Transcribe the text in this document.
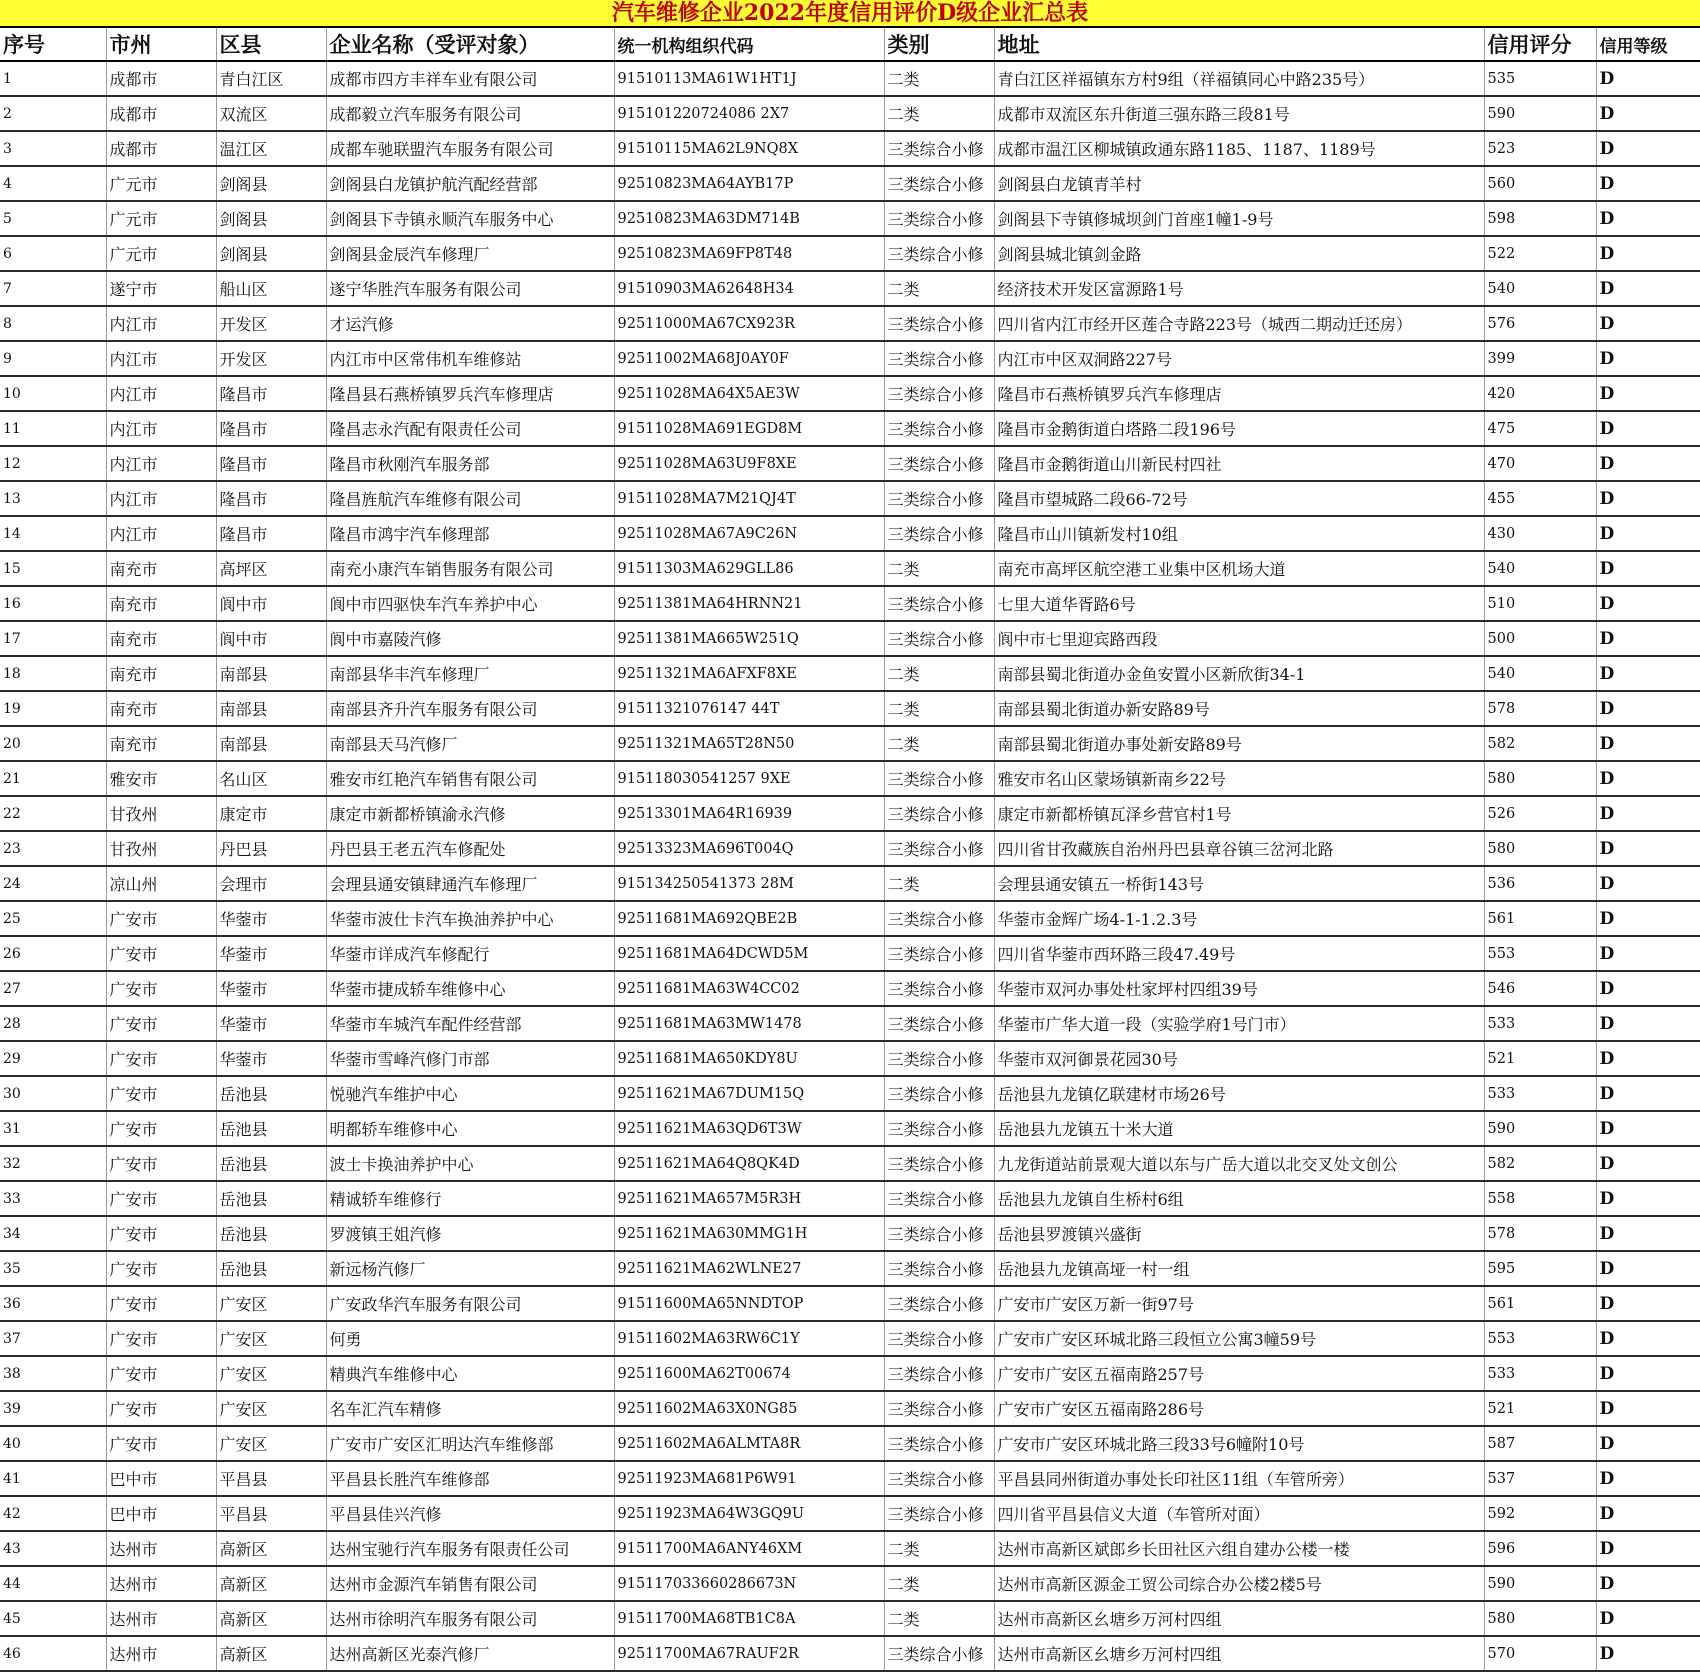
汽车维修企业2022年度信用评价D级企业汇总表
序号	市州	区县	企业名称（受评对象）	统一机构组织代码	类别	地址	信用评分	信用等级
1	成都市	青白江区	成都市四方丰祥车业有限公司	91510113MA61W1HT1J	二类	青白江区祥福镇东方村9组（祥福镇同心中路235号）	535	D
2	成都市	双流区	成都毅立汽车服务有限公司	915101220724086 2X7	二类	成都市双流区东升街道三强东路三段81号	590	D
3	成都市	温江区	成都车驰联盟汽车服务有限公司	91510115MA62L9NQ8X	三类综合小修	成都市温江区柳城镇政通东路1185、1187、1189号	523	D
4	广元市	剑阁县	剑阁县白龙镇护航汽配经营部	92510823MA64AYB17P	三类综合小修	剑阁县白龙镇青羊村	560	D
5	广元市	剑阁县	剑阁县下寺镇永顺汽车服务中心	92510823MA63DM714B	三类综合小修	剑阁县下寺镇修城坝剑门首座1幢1-9号	598	D
6	广元市	剑阁县	剑阁县金辰汽车修理厂	92510823MA69FP8T48	三类综合小修	剑阁县城北镇剑金路	522	D
7	遂宁市	船山区	遂宁华胜汽车服务有限公司	91510903MA62648H34	二类	经济技术开发区富源路1号	540	D
8	内江市	开发区	才运汽修	92511000MA67CX923R	三类综合小修	四川省内江市经开区莲合寺路223号（城西二期动迁还房）	576	D
9	内江市	开发区	内江市中区常伟机车维修站	92511002MA68J0AY0F	三类综合小修	内江市中区双洞路227号	399	D
10	内江市	隆昌市	隆昌县石燕桥镇罗兵汽车修理店	92511028MA64X5AE3W	三类综合小修	隆昌市石燕桥镇罗兵汽车修理店	420	D
11	内江市	隆昌市	隆昌志永汽配有限责任公司	91511028MA691EGD8M	三类综合小修	隆昌市金鹅街道白塔路二段196号	475	D
12	内江市	隆昌市	隆昌市秋刚汽车服务部	92511028MA63U9F8XE	三类综合小修	隆昌市金鹅街道山川新民村四社	470	D
13	内江市	隆昌市	隆昌旌航汽车维修有限公司	91511028MA7M21QJ4T	三类综合小修	隆昌市望城路二段66-72号	455	D
14	内江市	隆昌市	隆昌市鸿宇汽车修理部	92511028MA67A9C26N	三类综合小修	隆昌市山川镇新发村10组	430	D
15	南充市	高坪区	南充小康汽车销售服务有限公司	91511303MA629GLL86	二类	南充市高坪区航空港工业集中区机场大道	540	D
16	南充市	阆中市	阆中市四驱快车汽车养护中心	92511381MA64HRNN21	三类综合小修	七里大道华胥路6号	510	D
17	南充市	阆中市	阆中市嘉陵汽修	92511381MA665W251Q	三类综合小修	阆中市七里迎宾路西段	500	D
18	南充市	南部县	南部县华丰汽车修理厂	92511321MA6AFXF8XE	二类	南部县蜀北街道办金鱼安置小区新欣街34-1	540	D
19	南充市	南部县	南部县齐升汽车服务有限公司	91511321076147 44T	二类	南部县蜀北街道办新安路89号	578	D
20	南充市	南部县	南部县天马汽修厂	92511321MA65T28N50	二类	南部县蜀北街道办事处新安路89号	582	D
21	雅安市	名山区	雅安市红艳汽车销售有限公司	915118030541257 9XE	三类综合小修	雅安市名山区蒙场镇新南乡22号	580	D
22	甘孜州	康定市	康定市新都桥镇渝永汽修	92513301MA64R16939	三类综合小修	康定市新都桥镇瓦泽乡营官村1号	526	D
23	甘孜州	丹巴县	丹巴县王老五汽车修配处	92513323MA696T004Q	三类综合小修	四川省甘孜藏族自治州丹巴县章谷镇三岔河北路	580	D
24	凉山州	会理市	会理县通安镇肆通汽车修理厂	915134250541373 28M	二类	会理县通安镇五一桥街143号	536	D
25	广安市	华蓥市	华蓥市波仕卡汽车换油养护中心	92511681MA692QBE2B	三类综合小修	华蓥市金辉广场4-1-1.2.3号	561	D
26	广安市	华蓥市	华蓥市详成汽车修配行	92511681MA64DCWD5M	三类综合小修	四川省华蓥市西环路三段47.49号	553	D
27	广安市	华蓥市	华蓥市捷成轿车维修中心	92511681MA63W4CC02	三类综合小修	华蓥市双河办事处杜家坪村四组39号	546	D
28	广安市	华蓥市	华蓥市车城汽车配件经营部	92511681MA63MW1478	三类综合小修	华蓥市广华大道一段（实验学府1号门市）	533	D
29	广安市	华蓥市	华蓥市雪峰汽修门市部	92511681MA650KDY8U	三类综合小修	华蓥市双河御景花园30号	521	D
30	广安市	岳池县	悦驰汽车维护中心	92511621MA67DUM15Q	三类综合小修	岳池县九龙镇亿联建材市场26号	533	D
31	广安市	岳池县	明都轿车维修中心	92511621MA63QD6T3W	三类综合小修	岳池县九龙镇五十米大道	590	D
32	广安市	岳池县	波士卡换油养护中心	92511621MA64Q8QK4D	三类综合小修	九龙街道站前景观大道以东与广岳大道以北交叉处文创公	582	D
33	广安市	岳池县	精诚轿车维修行	92511621MA657M5R3H	三类综合小修	岳池县九龙镇自生桥村6组	558	D
34	广安市	岳池县	罗渡镇王姐汽修	92511621MA630MMG1H	三类综合小修	岳池县罗渡镇兴盛街	578	D
35	广安市	岳池县	新远杨汽修厂	92511621MA62WLNE27	三类综合小修	岳池县九龙镇高垭一村一组	595	D
36	广安市	广安区	广安政华汽车服务有限公司	91511600MA65NNDTOP	三类综合小修	广安市广安区万新一街97号	561	D
37	广安市	广安区	何勇	91511602MA63RW6C1Y	三类综合小修	广安市广安区环城北路三段恒立公寓3幢59号	553	D
38	广安市	广安区	精典汽车维修中心	92511600MA62T00674	三类综合小修	广安市广安区五福南路257号	533	D
39	广安市	广安区	名车汇汽车精修	92511602MA63X0NG85	三类综合小修	广安市广安区五福南路286号	521	D
40	广安市	广安区	广安市广安区汇明达汽车维修部	92511602MA6ALMTA8R	三类综合小修	广安市广安区环城北路三段33号6幢附10号	587	D
41	巴中市	平昌县	平昌县长胜汽车维修部	92511923MA681P6W91	三类综合小修	平昌县同州街道办事处长印社区11组（车管所旁）	537	D
42	巴中市	平昌县	平昌县佳兴汽修	92511923MA64W3GQ9U	三类综合小修	四川省平昌县信义大道（车管所对面）	592	D
43	达州市	高新区	达州宝驰行汽车服务有限责任公司	91511700MA6ANY46XM	二类	达州市高新区斌郎乡长田社区六组自建办公楼一楼	596	D
44	达州市	高新区	达州市金源汽车销售有限公司	915117033660286673N	二类	达州市高新区源金工贸公司综合办公楼2楼5号	590	D
45	达州市	高新区	达州市徐明汽车服务有限公司	91511700MA68TB1C8A	二类	达州市高新区幺塘乡万河村四组	580	D
46	达州市	高新区	达州高新区光泰汽修厂	92511700MA67RAUF2R	三类综合小修	达州市高新区幺塘乡万河村四组	570	D
